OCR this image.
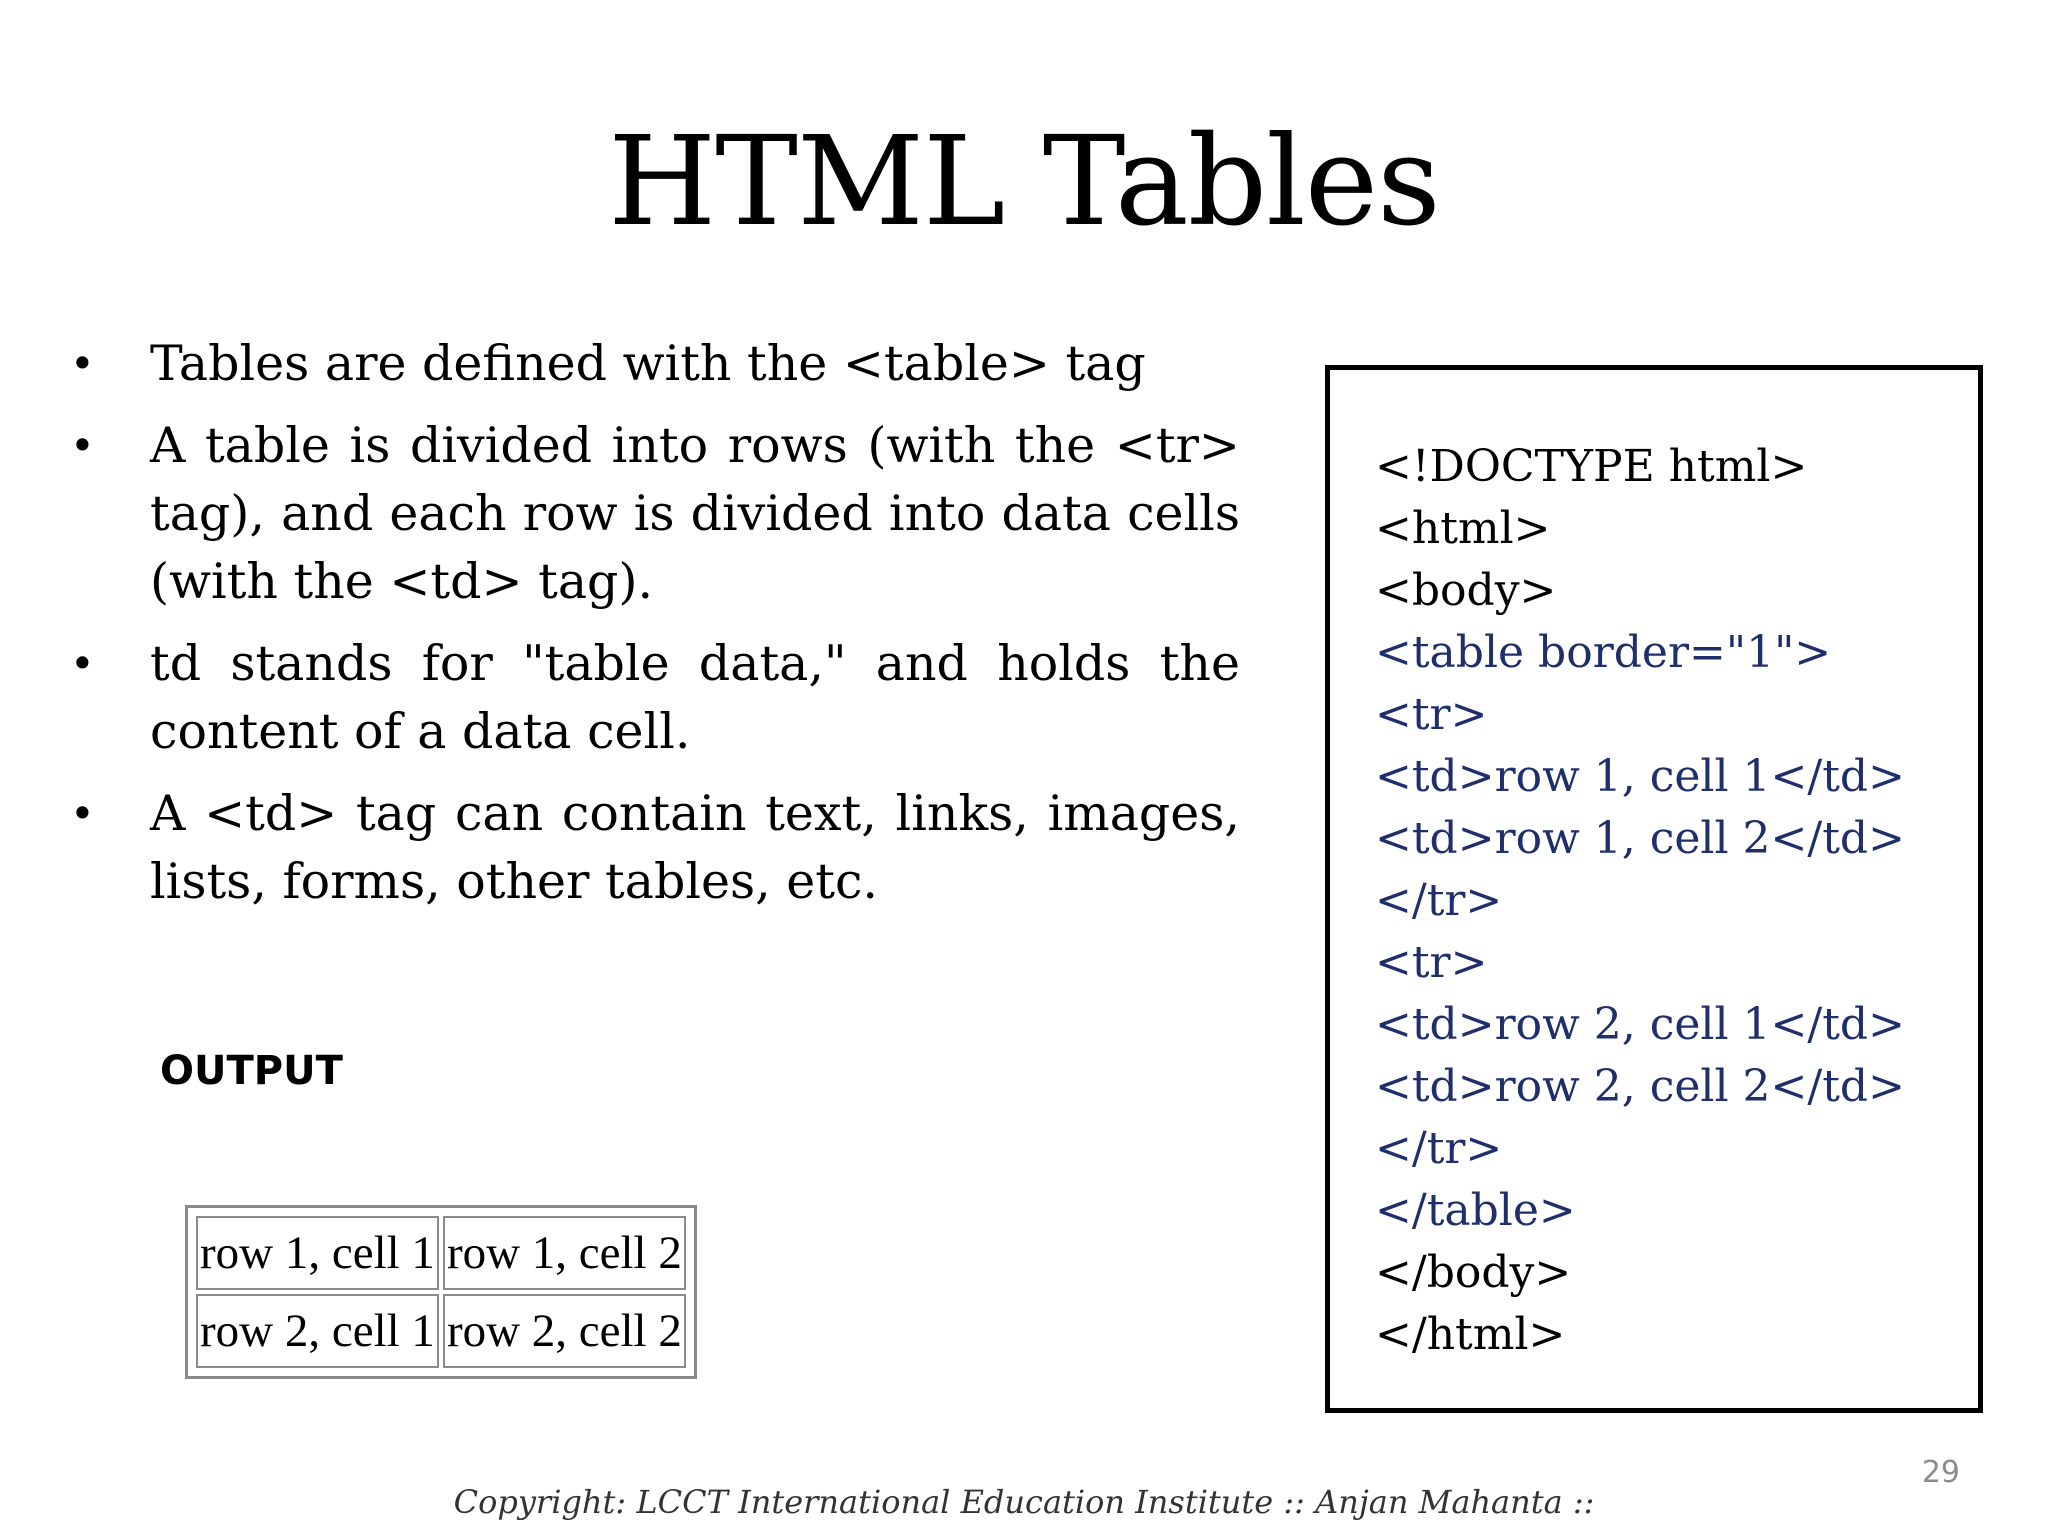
HTML Tables
•	Tables are defined with the <table> tag
•	A table is divided into rows (with the <tr> tag), and each row is divided into data cells (with the <td> tag).
•	td stands for "table data," and holds the content of a data cell.
•	A <td> tag can contain text, links, images, lists, forms, other tables, etc.
OUTPUT
row 1, cell 1	row 1, cell 2
row 2, cell 1	row 2, cell 2
<!DOCTYPE html>
<html>
<body>
<table border="1">
<tr>
<td>row 1, cell 1</td>
<td>row 1, cell 2</td>
</tr>
<tr>
<td>row 2, cell 1</td>
<td>row 2, cell 2</td>
</tr>
</table>
</body>
</html>
29
Copyright: LCCT International Education Institute :: Anjan Mahanta ::
